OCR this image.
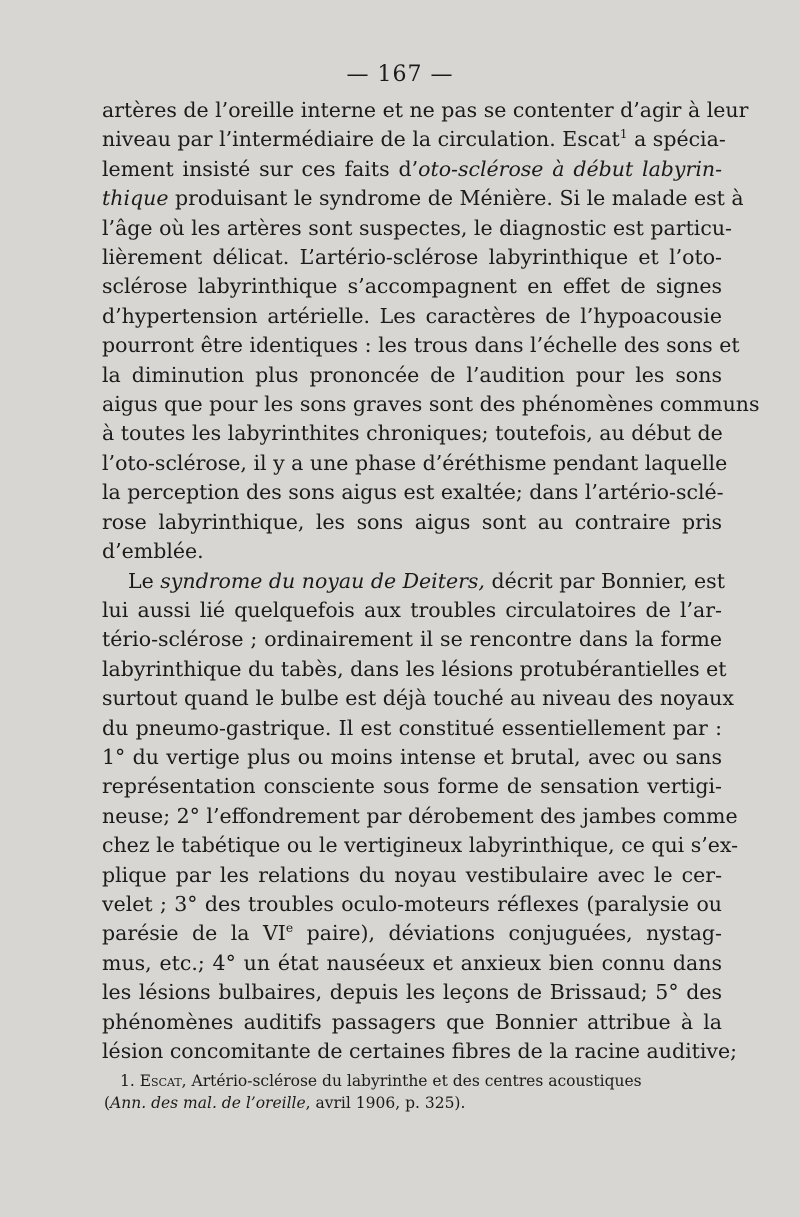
— 167 —
artères de l’oreille interne et ne pas se contenter d’agir à leur
niveau par l’intermédiaire de la circulation. Escat$^1$ a spécia-
lement insisté sur ces faits d’oto-sclérose à début labyrin-
thique produisant le syndrome de Ménière. Si le malade est à
l’âge où les artères sont suspectes, le diagnostic est particu-
lièrement délicat. L’artério-sclérose labyrinthique et l’oto-
sclérose labyrinthique s’accompagnent en effet de signes
d’hypertension artérielle. Les caractères de l’hypoacousie
pourront être identiques : les trous dans l’échelle des sons et
la diminution plus prononcée de l’audition pour les sons
aigus que pour les sons graves sont des phénomènes communs
à toutes les labyrinthites chroniques; toutefois, au début de
l’oto-sclérose, il y a une phase d’éréthisme pendant laquelle
la perception des sons aigus est exaltée; dans l’artério-sclé-
rose labyrinthique, les sons aigus sont au contraire pris
d’emblée.
Le syndrome du noyau de Deiters, décrit par Bonnier, est
lui aussi lié quelquefois aux troubles circulatoires de l’ar-
tério-sclérose ; ordinairement il se rencontre dans la forme
labyrinthique du tabès, dans les lésions protubérantielles et
surtout quand le bulbe est déjà touché au niveau des noyaux
du pneumo-gastrique. Il est constitué essentiellement par :
1° du vertige plus ou moins intense et brutal, avec ou sans
représentation consciente sous forme de sensation vertigi-
neuse; 2° l’effondrement par dérobement des jambes comme
chez le tabétique ou le vertigineux labyrinthique, ce qui s’ex-
plique par les relations du noyau vestibulaire avec le cer-
velet ; 3° des troubles oculo-moteurs réflexes (paralysie ou
parésie de la VIe paire), déviations conjuguées, nystag-
mus, etc.; 4° un état nauséeux et anxieux bien connu dans
les lésions bulbaires, depuis les leçons de Brissaud; 5° des
phénomènes auditifs passagers que Bonnier attribue à la
lésion concomitante de certaines fibres de la racine auditive;
1. Escat, Artério-sclérose du labyrinthe et des centres acoustiques
(Ann. des mal. de l’oreille, avril 1906, p. 325).
